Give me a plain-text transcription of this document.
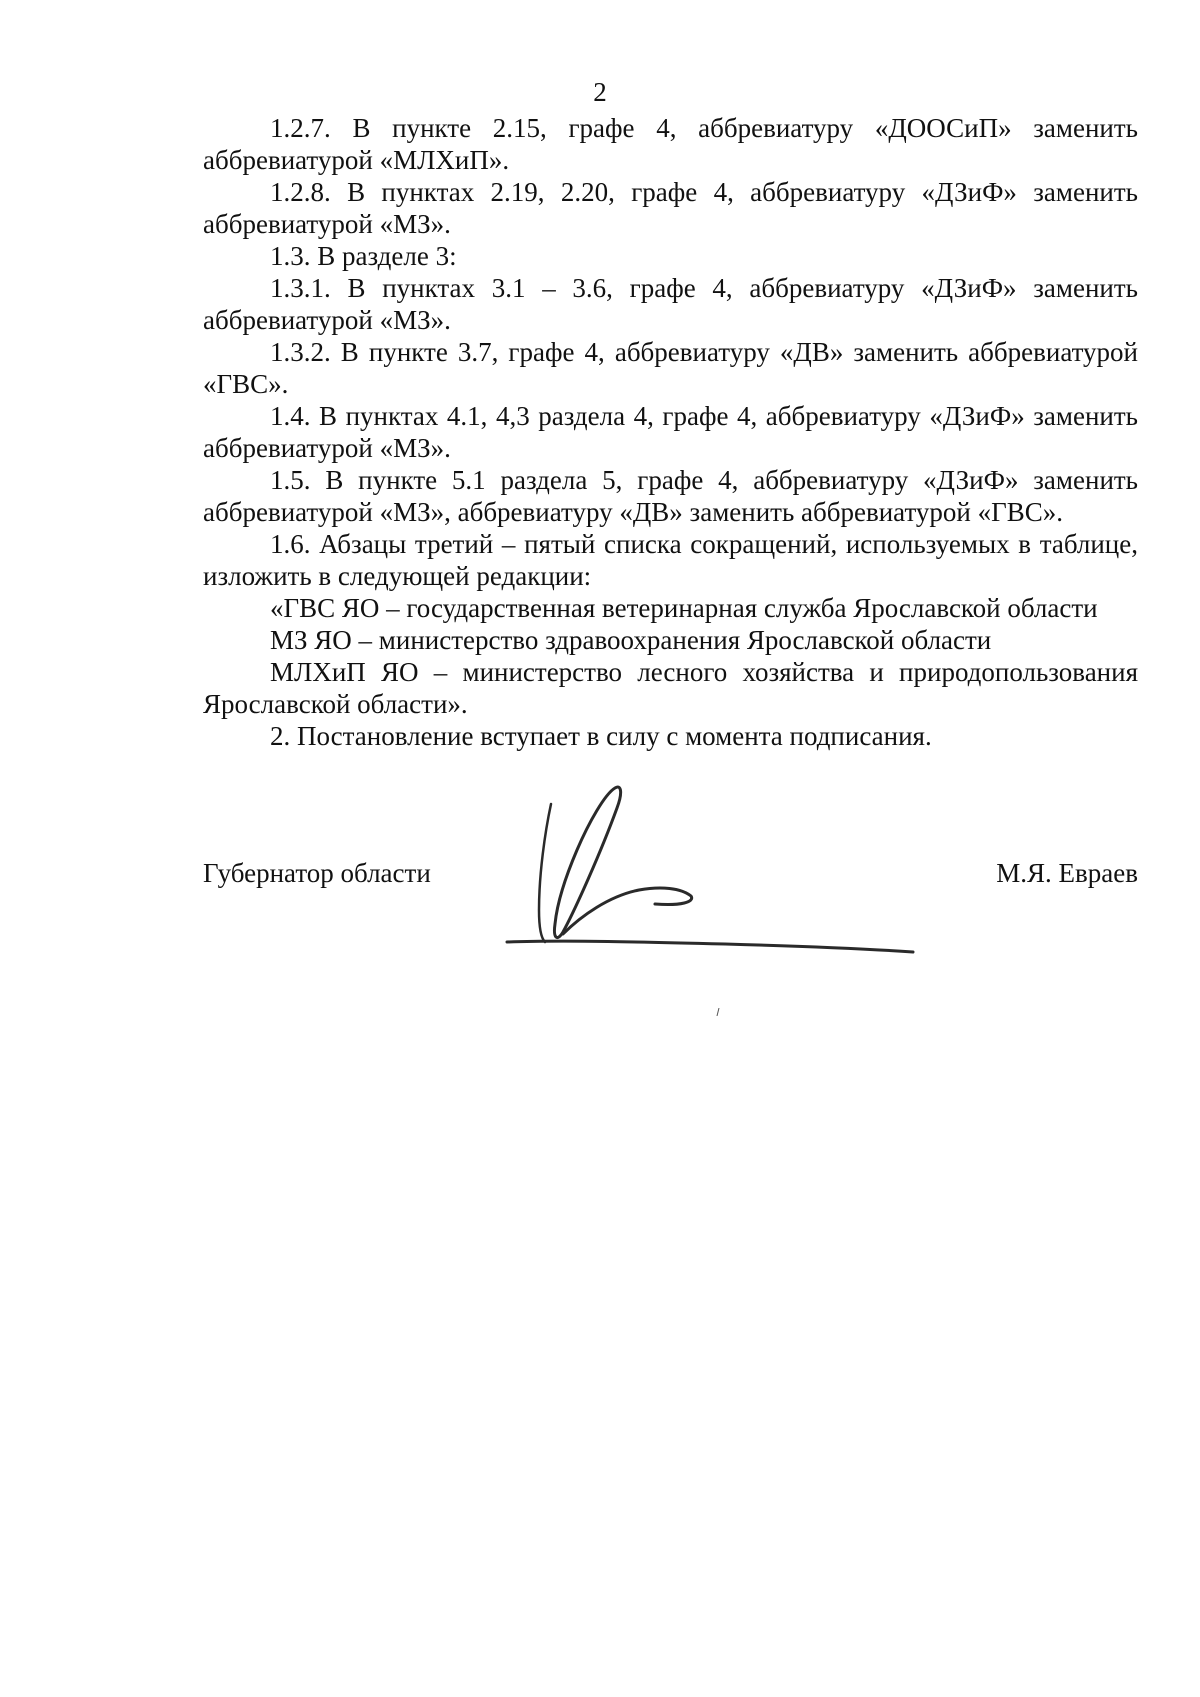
2

1.2.7. В пункте 2.15, графе 4, аббревиатуру «ДООСиП» заменить аббревиатурой «МЛХиП».

1.2.8. В пунктах 2.19, 2.20, графе 4, аббревиатуру «ДЗиФ» заменить аббревиатурой «МЗ».

1.3. В разделе 3:

1.3.1. В пунктах 3.1 – 3.6, графе 4, аббревиатуру «ДЗиФ» заменить аббревиатурой «МЗ».

1.3.2. В пункте 3.7, графе 4, аббревиатуру «ДВ» заменить аббревиатурой «ГВС».

1.4. В пунктах 4.1, 4,3 раздела 4, графе 4, аббревиатуру «ДЗиФ» заменить аббревиатурой «МЗ».

1.5. В пункте 5.1 раздела 5, графе 4, аббревиатуру «ДЗиФ» заменить аббревиатурой «МЗ», аббревиатуру «ДВ» заменить аббревиатурой «ГВС».

1.6. Абзацы третий – пятый списка сокращений, используемых в таблице, изложить в следующей редакции:

«ГВС ЯО – государственная ветеринарная служба Ярославской области

МЗ ЯО – министерство здравоохранения Ярославской области

МЛХиП ЯО – министерство лесного хозяйства и природопользования Ярославской области».

2. Постановление вступает в силу с момента подписания.

Губернатор области	М.Я. Евраев
